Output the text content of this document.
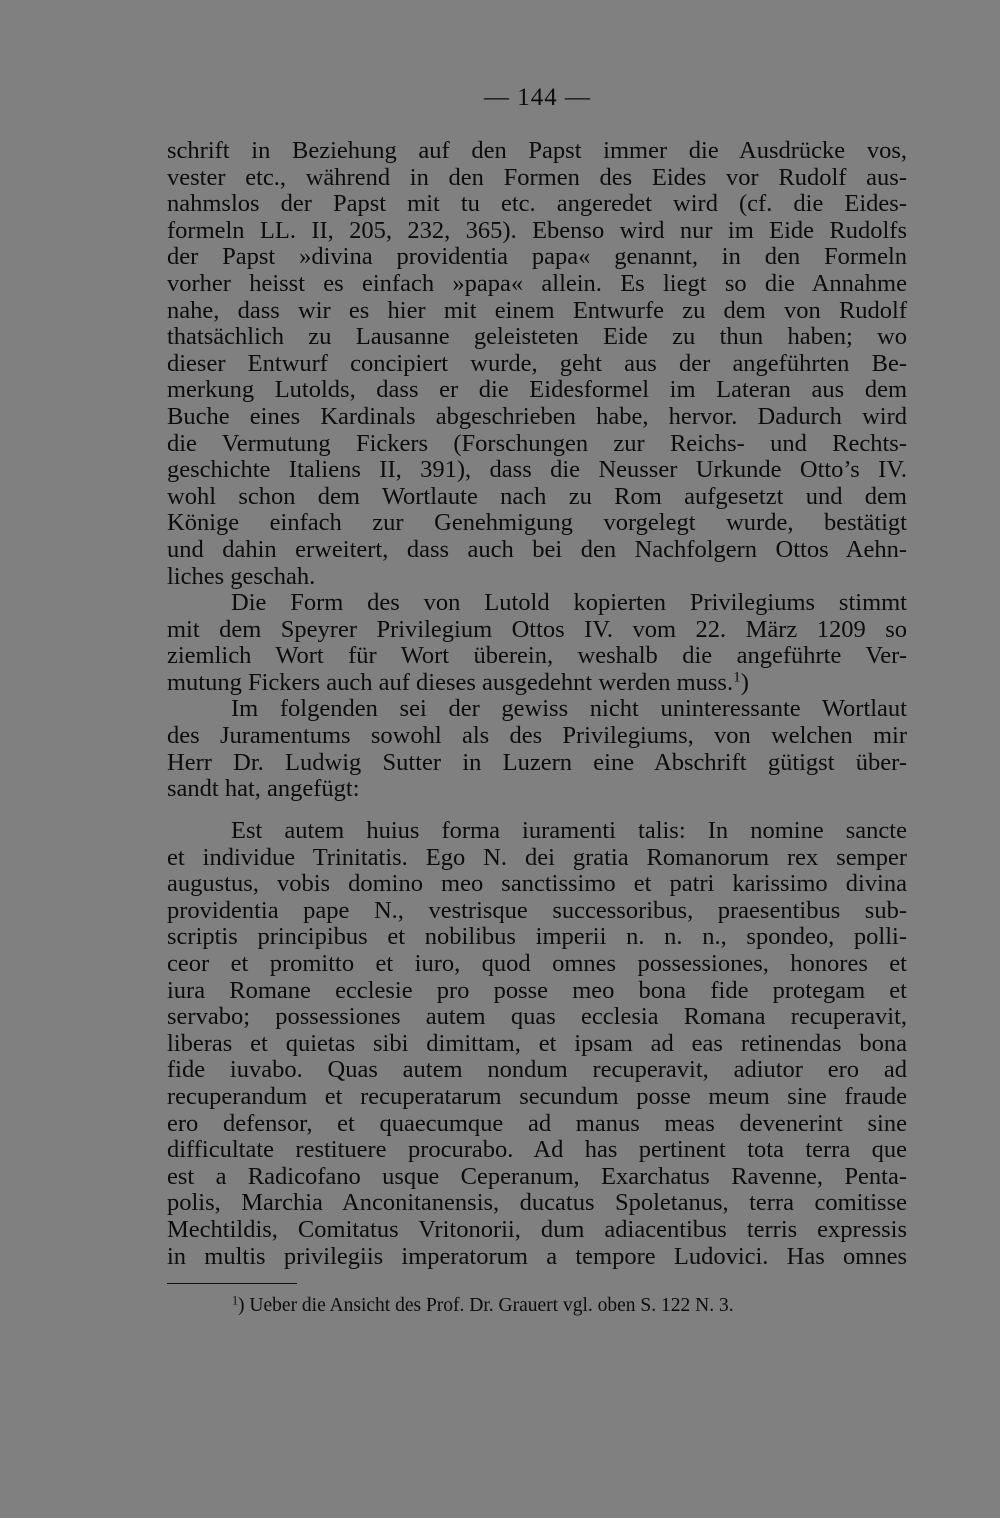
— 144 —
schrift in Beziehung auf den Papst immer die Ausdrücke vos,
vester etc., während in den Formen des Eides vor Rudolf aus-
nahmslos der Papst mit tu etc. angeredet wird (cf. die Eides-
formeln LL. II, 205, 232, 365). Ebenso wird nur im Eide Rudolfs
der Papst »divina providentia papa« genannt, in den Formeln
vorher heisst es einfach »papa« allein. Es liegt so die Annahme
nahe, dass wir es hier mit einem Entwurfe zu dem von Rudolf
thatsächlich zu Lausanne geleisteten Eide zu thun haben; wo
dieser Entwurf concipiert wurde, geht aus der angeführten Be-
merkung Lutolds, dass er die Eidesformel im Lateran aus dem
Buche eines Kardinals abgeschrieben habe, hervor. Dadurch wird
die Vermutung Fickers (Forschungen zur Reichs- und Rechts-
geschichte Italiens II, 391), dass die Neusser Urkunde Otto’s IV.
wohl schon dem Wortlaute nach zu Rom aufgesetzt und dem
Könige einfach zur Genehmigung vorgelegt wurde, bestätigt
und dahin erweitert, dass auch bei den Nachfolgern Ottos Aehn-
liches geschah.
Die Form des von Lutold kopierten Privilegiums stimmt
mit dem Speyrer Privilegium Ottos IV. vom 22. März 1209 so
ziemlich Wort für Wort überein, weshalb die angeführte Ver-
mutung Fickers auch auf dieses ausgedehnt werden muss.$^1$)
Im folgenden sei der gewiss nicht uninteressante Wortlaut
des Juramentums sowohl als des Privilegiums, von welchen mir
Herr Dr. Ludwig Sutter in Luzern eine Abschrift gütigst über-
sandt hat, angefügt:
Est autem huius forma iuramenti talis: In nomine sancte
et individue Trinitatis. Ego N. dei gratia Romanorum rex semper
augustus, vobis domino meo sanctissimo et patri karissimo divina
providentia pape N., vestrisque successoribus, praesentibus sub-
scriptis principibus et nobilibus imperii n. n. n., spondeo, polli-
ceor et promitto et iuro, quod omnes possessiones, honores et
iura Romane ecclesie pro posse meo bona fide protegam et
servabo; possessiones autem quas ecclesia Romana recuperavit,
liberas et quietas sibi dimittam, et ipsam ad eas retinendas bona
fide iuvabo. Quas autem nondum recuperavit, adiutor ero ad
recuperandum et recuperatarum secundum posse meum sine fraude
ero defensor, et quaecumque ad manus meas devenerint sine
difficultate restituere procurabo. Ad has pertinent tota terra que
est a Radicofano usque Ceperanum, Exarchatus Ravenne, Penta-
polis, Marchia Anconitanensis, ducatus Spoletanus, terra comitisse
Mechtildis, Comitatus Vritonorii, dum adiacentibus terris expressis
in multis privilegiis imperatorum a tempore Ludovici. Has omnes
$^1$) Ueber die Ansicht des Prof. Dr. Grauert vgl. oben S. 122 N. 3.
